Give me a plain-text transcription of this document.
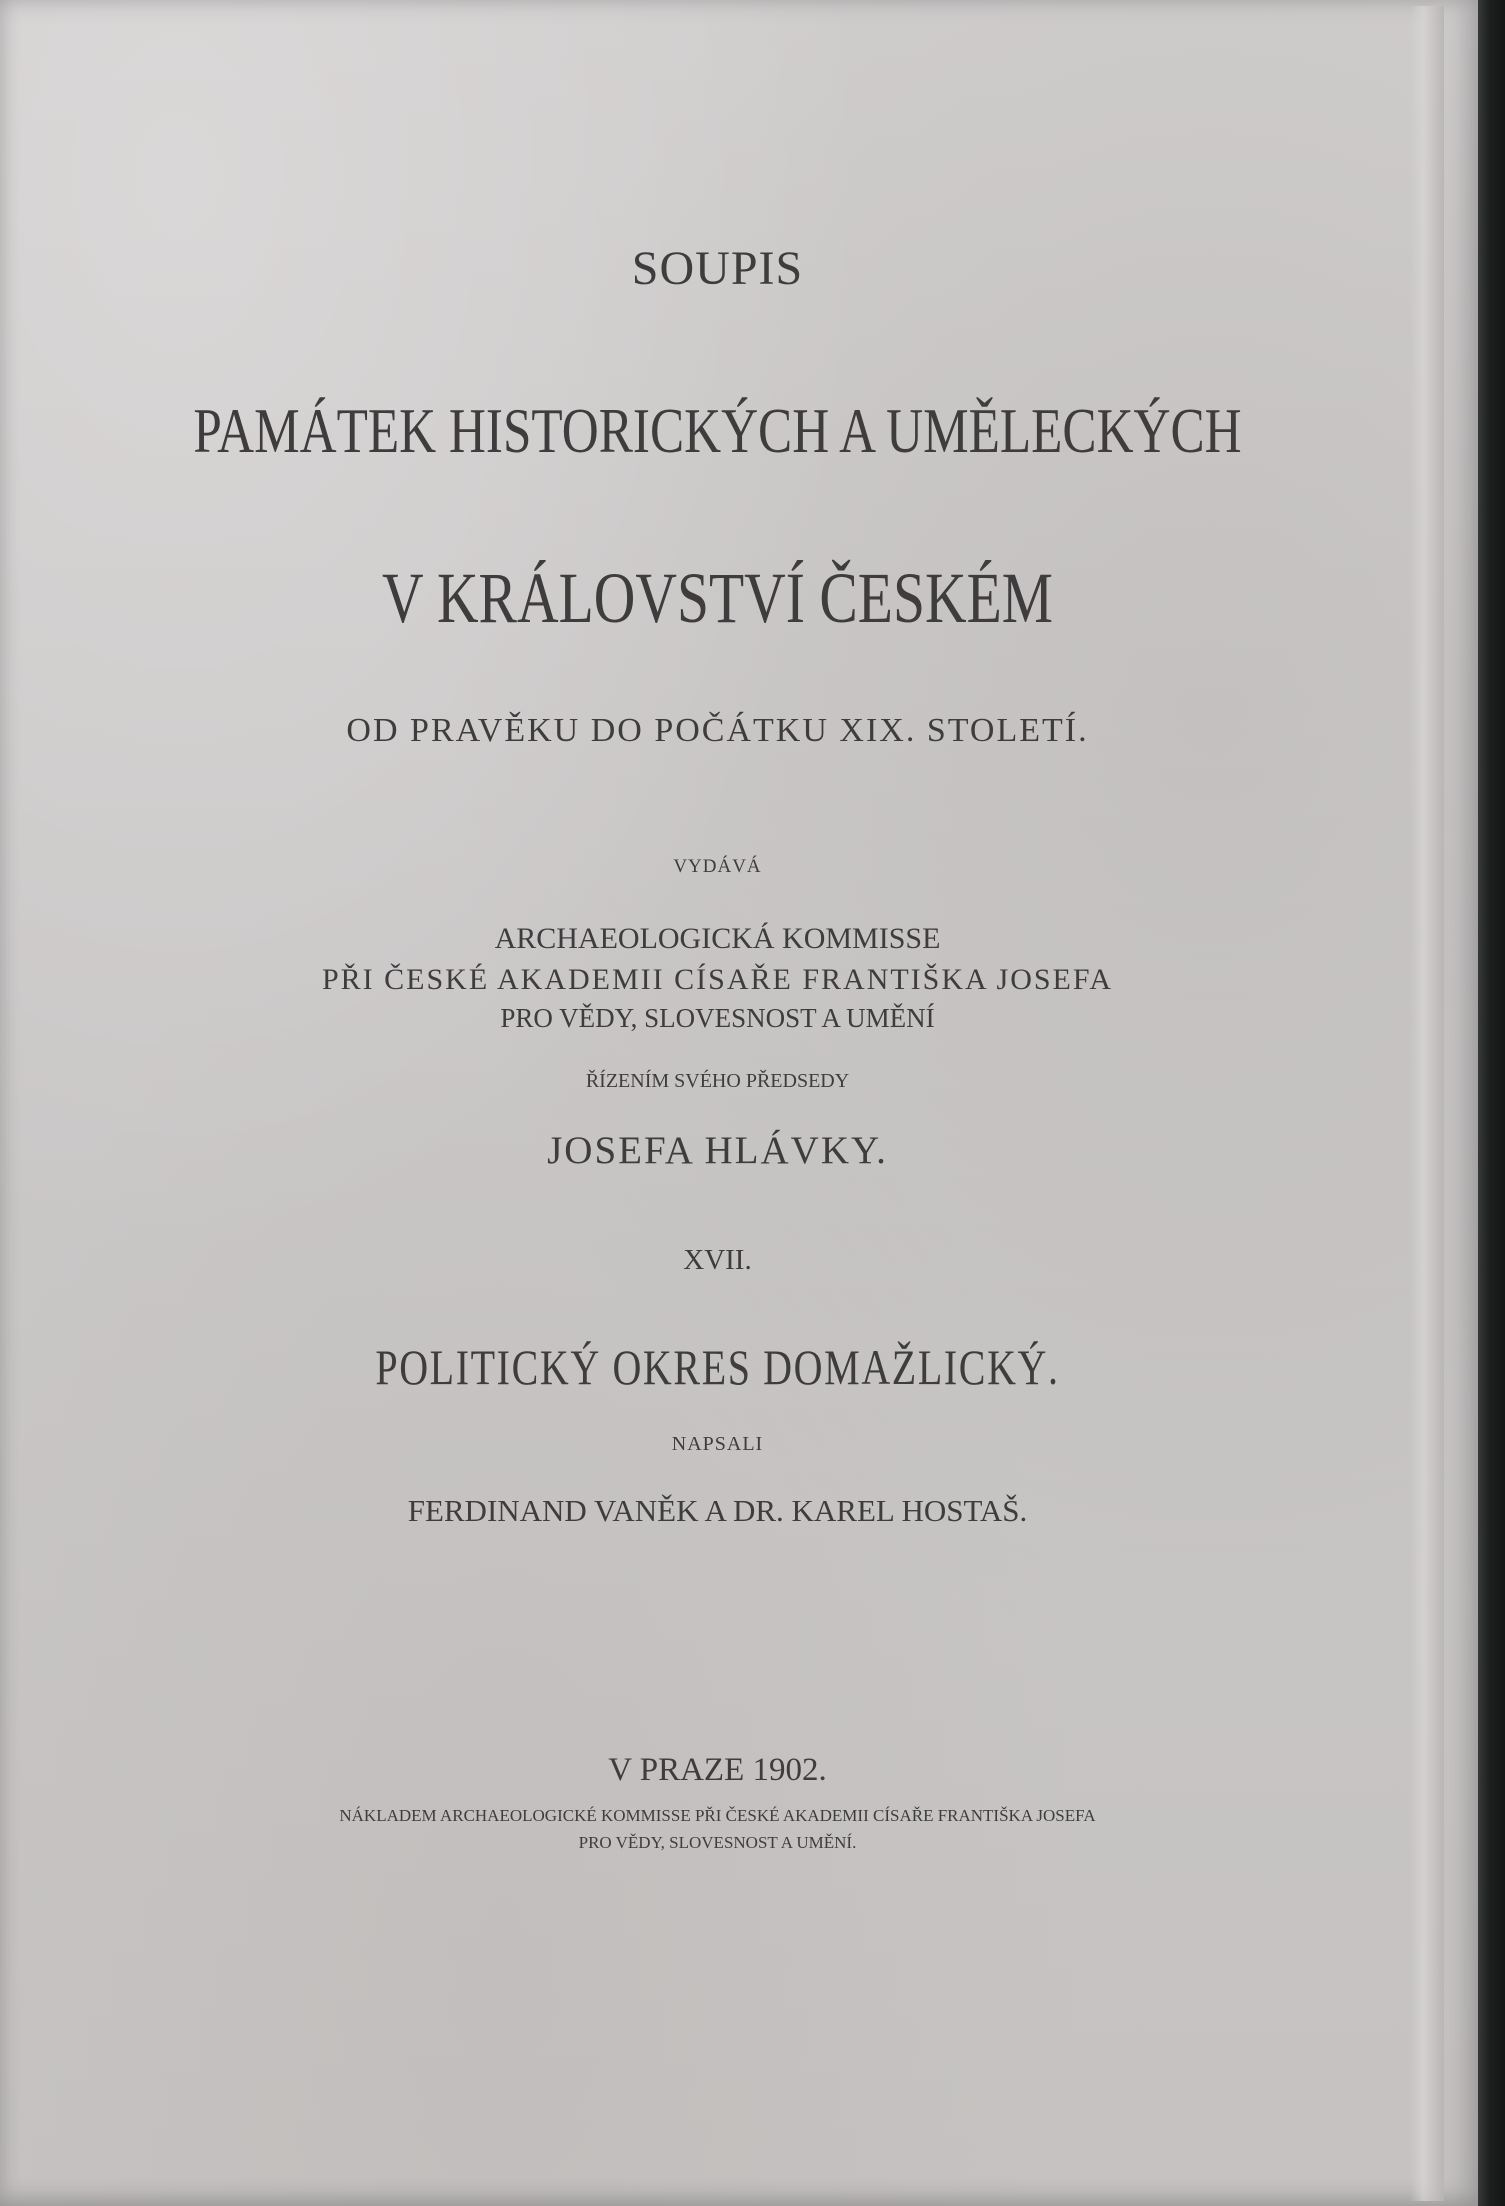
SOUPIS
PAMÁTEK HISTORICKÝCH A UMĚLECKÝCH
V KRÁLOVSTVÍ ČESKÉM
OD PRAVĚKU DO POČÁTKU XIX. STOLETÍ.
VYDÁVÁ
ARCHAEOLOGICKÁ KOMMISSE
PŘI ČESKÉ AKADEMII CÍSAŘE FRANTIŠKA JOSEFA
PRO VĚDY, SLOVESNOST A UMĚNÍ
ŘÍZENÍM SVÉHO PŘEDSEDY
JOSEFA HLÁVKY.
XVII.
POLITICKÝ OKRES DOMAŽLICKÝ.
NAPSALI
FERDINAND VANĚK A DR. KAREL HOSTAŠ.
V PRAZE 1902.
NÁKLADEM ARCHAEOLOGICKÉ KOMMISSE PŘI ČESKÉ AKADEMII CÍSAŘE FRANTIŠKA JOSEFA
PRO VĚDY, SLOVESNOST A UMĚNÍ.
